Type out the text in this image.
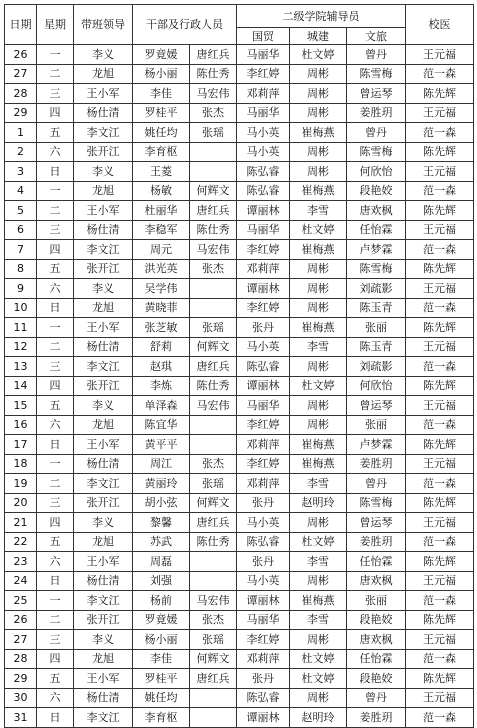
日期	星期	带班领导	干部及行政人员		二级学院辅导员			校医
					国贸	城建	文旅	
26	一	李义	罗竟媛	唐红兵	马丽华	杜文婷	曾丹	王元福
27	二	龙旭	杨小丽	陈仕秀	李红婷	周彬	陈雪梅	范一森
28	三	王小军	李佳	马宏伟	邓莉萍	周彬	曾运琴	陈先辉
29	四	杨仕清	罗桂平	张杰	马丽华	周彬	姜胜玥	王元福
1	五	李文江	姚任均	张瑶	马小英	崔梅燕	曾丹	范一森
2	六	张开江	李育枢		马小英	周彬	陈雪梅	陈先辉
3	日	李义	王菱		陈弘睿	周彬	何欣怡	王元福
4	一	龙旭	杨敏	何辉文	陈弘睿	崔梅燕	段艳姣	范一森
5	二	王小军	杜丽华	唐红兵	谭丽林	李雪	唐欢枫	陈先辉
6	三	杨仕清	李稳军	陈仕秀	马丽华	杜文婷	任怡霖	王元福
7	四	李文江	周元	马宏伟	李红婷	崔梅燕	卢梦霖	范一森
8	五	张开江	洪光英	张杰	邓莉萍	周彬	陈雪梅	陈先辉
9	六	李义	吴学伟		谭丽林	周彬	刘疏影	王元福
10	日	龙旭	黄晓菲		李红婷	周彬	陈玉青	范一森
11	一	王小军	张芝敏	张瑶	张丹	崔梅燕	张丽	陈先辉
12	二	杨仕清	舒莉	何辉文	马小英	李雪	陈玉青	王元福
13	三	李文江	赵琪	唐红兵	陈弘睿	周彬	刘疏影	范一森
14	四	张开江	李炼	陈仕秀	谭丽林	杜文婷	何欣怡	陈先辉
15	五	李义	单泽森	马宏伟	马丽华	周彬	曾运琴	王元福
16	六	龙旭	陈宜华		李红婷	周彬	张丽	范一森
17	日	王小军	黄平平		邓莉萍	崔梅燕	卢梦霖	陈先辉
18	一	杨仕清	周江	张杰	李红婷	崔梅燕	姜胜玥	王元福
19	二	李文江	黄丽玲	张瑶	邓莉萍	李雪	曾丹	范一森
20	三	张开江	胡小弦	何辉文	张丹	赵明玲	陈雪梅	陈先辉
21	四	李义	黎馨	唐红兵	马小英	周彬	曾运琴	王元福
22	五	龙旭	苏武	陈仕秀	陈弘睿	杜文婷	姜胜玥	范一森
23	六	王小军	周磊		张丹	李雪	任怡霖	陈先辉
24	日	杨仕清	刘强		马小英	周彬	唐欢枫	王元福
25	一	李文江	杨前	马宏伟	谭丽林	崔梅燕	张丽	范一森
26	二	张开江	罗竟媛	张杰	马丽华	李雪	段艳姣	陈先辉
27	三	李义	杨小丽	张瑶	李红婷	周彬	唐欢枫	王元福
28	四	龙旭	李佳	何辉文	邓莉萍	杜文婷	任怡霖	范一森
29	五	王小军	罗桂平	唐红兵	张丹	杜文婷	段艳姣	陈先辉
30	六	杨仕清	姚任均		陈弘睿	周彬	曾丹	王元福
31	日	李文江	李育枢		谭丽林	赵明玲	姜胜玥	范一森
